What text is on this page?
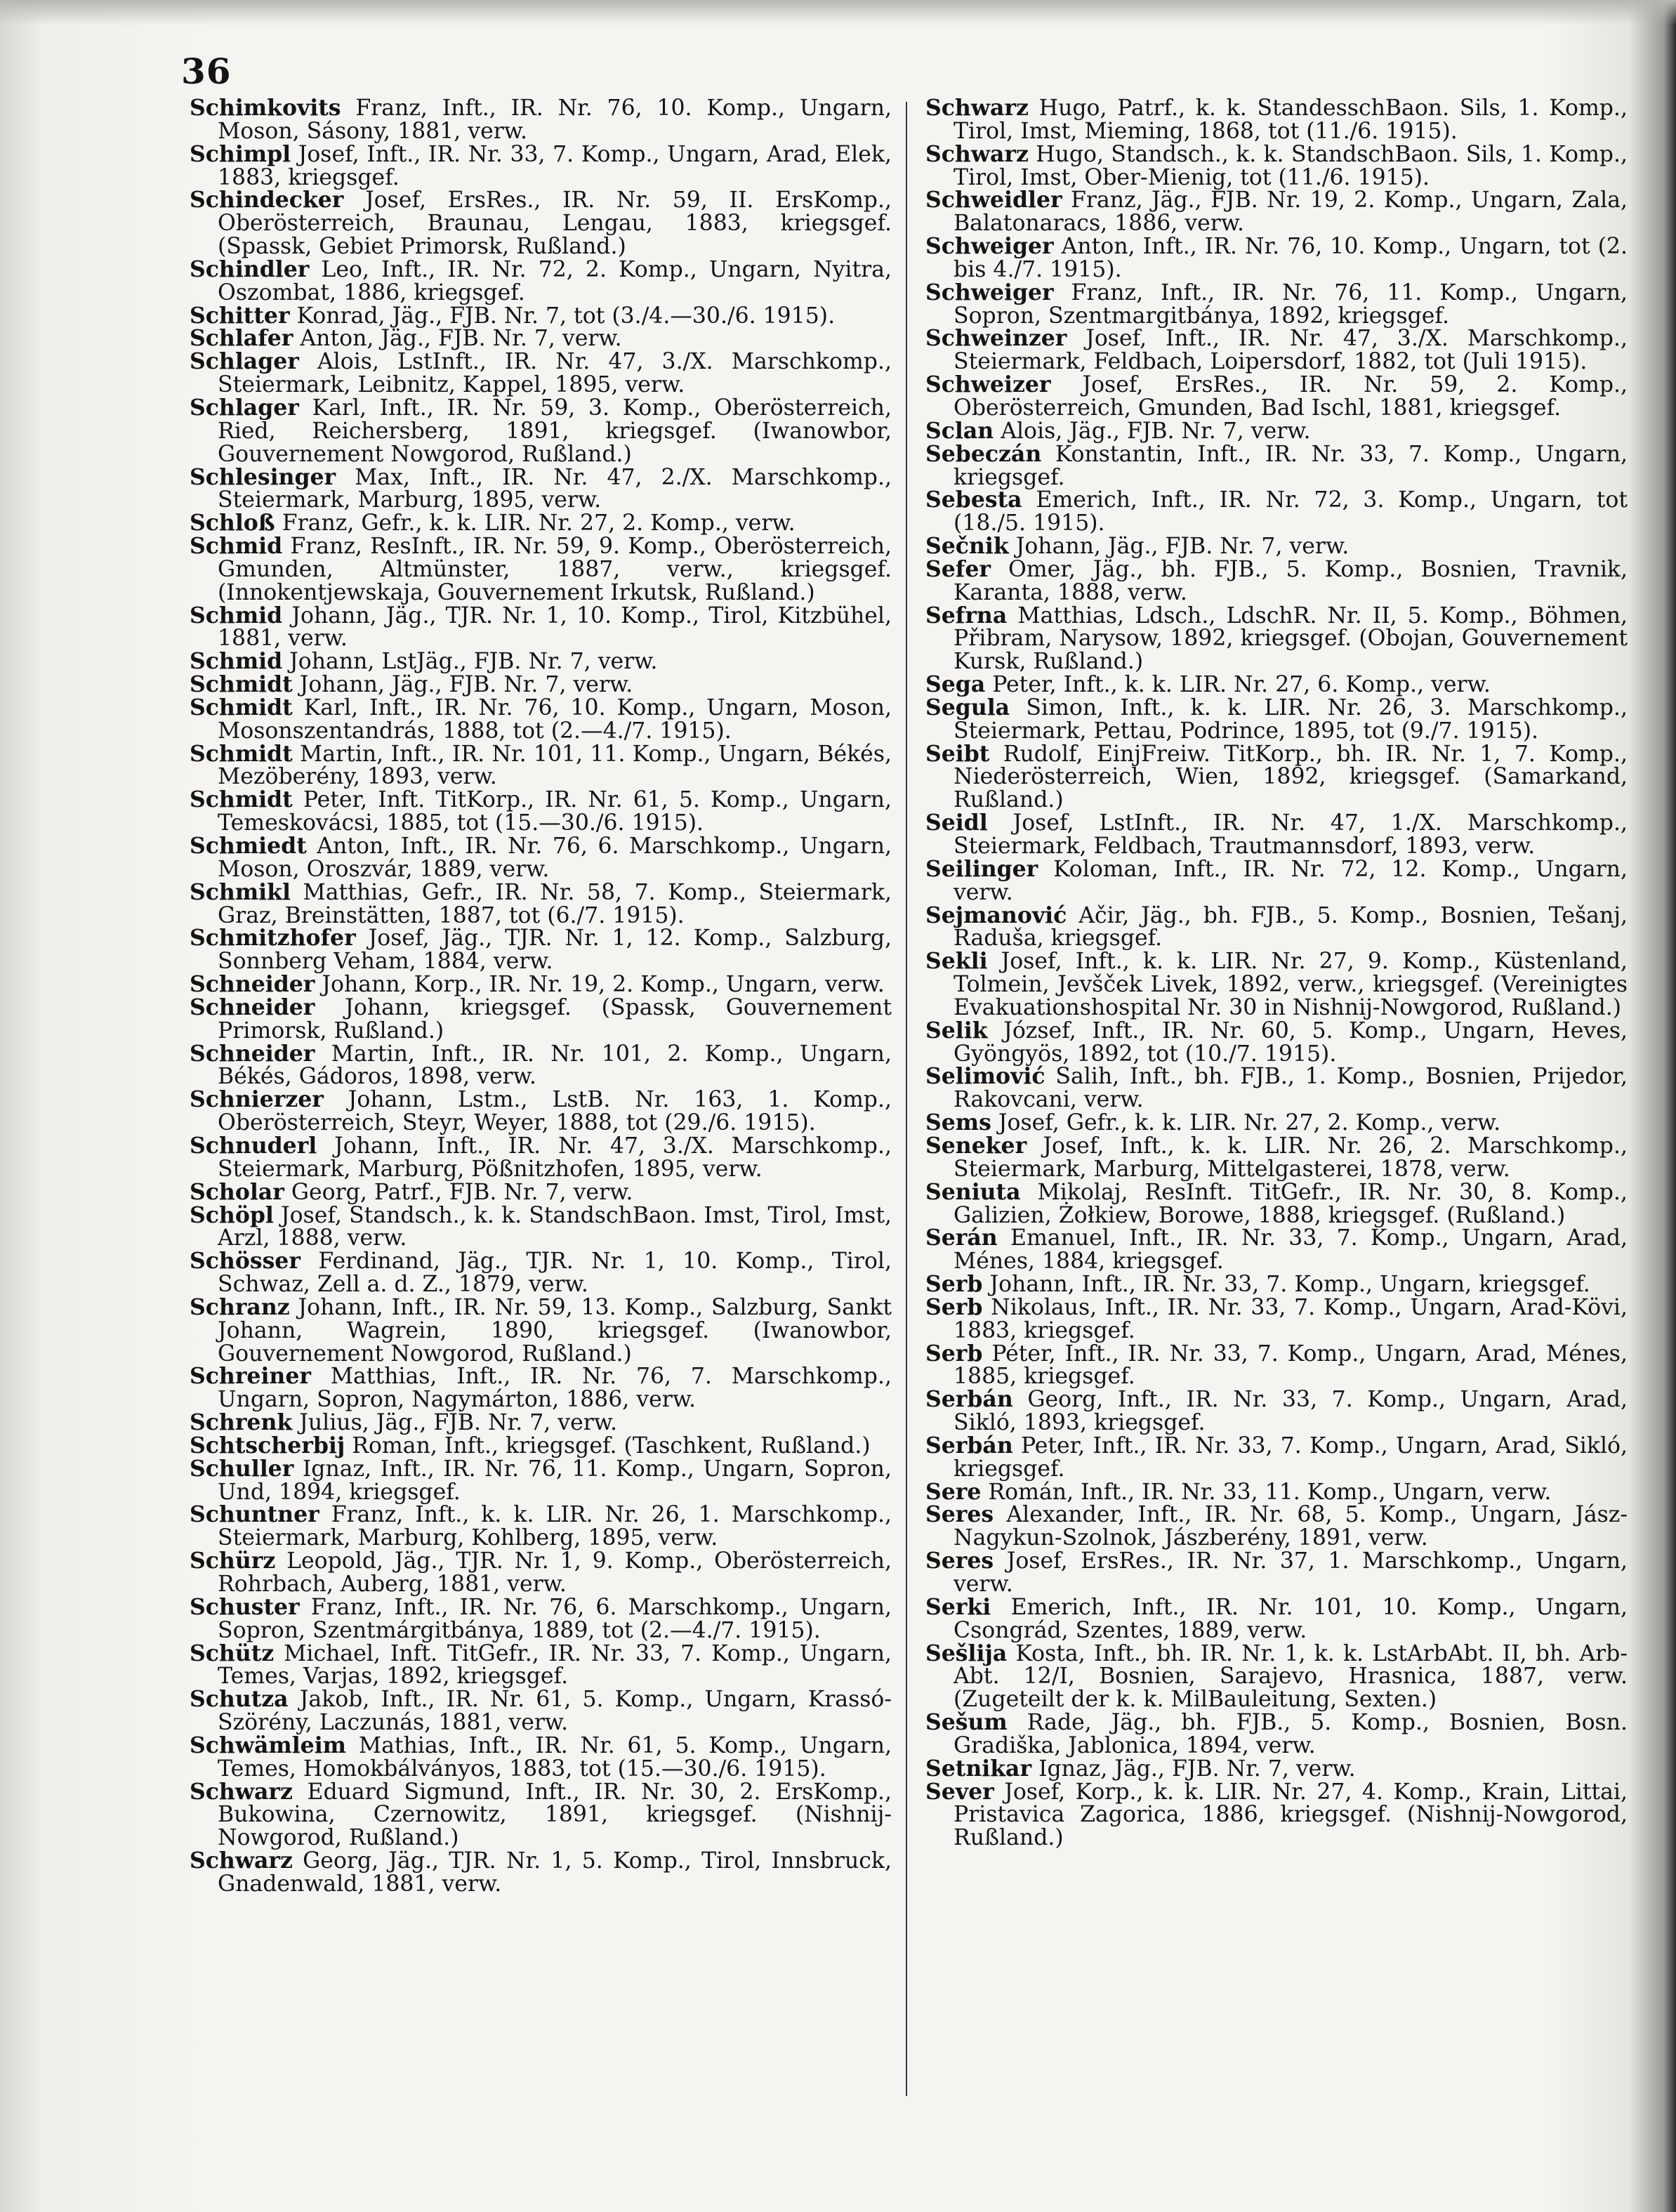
36

Schimkovits Franz, Inft., IR. Nr. 76, 10. Komp., Ungarn, Moson, Sásony, 1881, verw.

Schimpl Josef, Inft., IR. Nr. 33, 7. Komp., Ungarn, Arad, Elek, 1883, kriegsgef.

Schindecker Josef, ErsRes., IR. Nr. 59, II. ErsKomp., Oberösterreich, Braunau, Lengau, 1883, kriegsgef. (Spassk, Gebiet Primorsk, Rußland.)

Schindler Leo, Inft., IR. Nr. 72, 2. Komp., Ungarn, Nyitra, Oszombat, 1886, kriegsgef.

Schitter Konrad, Jäg., FJB. Nr. 7, tot (3./4.—30./6. 1915).

Schlafer Anton, Jäg., FJB. Nr. 7, verw.

Schlager Alois, LstInft., IR. Nr. 47, 3./X. Marschkomp., Steiermark, Leibnitz, Kappel, 1895, verw.

Schlager Karl, Inft., IR. Nr. 59, 3. Komp., Oberösterreich, Ried, Reichersberg, 1891, kriegsgef. (Iwanowbor, Gouvernement Nowgorod, Rußland.)

Schlesinger Max, Inft., IR. Nr. 47, 2./X. Marschkomp., Steiermark, Marburg, 1895, verw.

Schloß Franz, Gefr., k. k. LIR. Nr. 27, 2. Komp., verw.

Schmid Franz, ResInft., IR. Nr. 59, 9. Komp., Oberösterreich, Gmunden, Altmünster, 1887, verw., kriegsgef. (Innokentjewskaja, Gouvernement Irkutsk, Rußland.)

Schmid Johann, Jäg., TJR. Nr. 1, 10. Komp., Tirol, Kitzbühel, 1881, verw.

Schmid Johann, LstJäg., FJB. Nr. 7, verw.

Schmidt Johann, Jäg., FJB. Nr. 7, verw.

Schmidt Karl, Inft., IR. Nr. 76, 10. Komp., Ungarn, Moson, Mosonszentandrás, 1888, tot (2.—4./7. 1915).

Schmidt Martin, Inft., IR. Nr. 101, 11. Komp., Ungarn, Békés, Mezöberény, 1893, verw.

Schmidt Peter, Inft. TitKorp., IR. Nr. 61, 5. Komp., Ungarn, Temeskovácsi, 1885, tot (15.—30./6. 1915).

Schmiedt Anton, Inft., IR. Nr. 76, 6. Marschkomp., Ungarn, Moson, Oroszvár, 1889, verw.

Schmikl Matthias, Gefr., IR. Nr. 58, 7. Komp., Steiermark, Graz, Breinstätten, 1887, tot (6./7. 1915).

Schmitzhofer Josef, Jäg., TJR. Nr. 1, 12. Komp., Salzburg, Sonnberg Veham, 1884, verw.

Schneider Johann, Korp., IR. Nr. 19, 2. Komp., Ungarn, verw.

Schneider Johann, kriegsgef. (Spassk, Gouvernement Primorsk, Rußland.)

Schneider Martin, Inft., IR. Nr. 101, 2. Komp., Ungarn, Békés, Gádoros, 1898, verw.

Schnierzer Johann, Lstm., LstB. Nr. 163, 1. Komp., Oberösterreich, Steyr, Weyer, 1888, tot (29./6. 1915).

Schnuderl Johann, Inft., IR. Nr. 47, 3./X. Marschkomp., Steiermark, Marburg, Pößnitzhofen, 1895, verw.

Scholar Georg, Patrf., FJB. Nr. 7, verw.

Schöpl Josef, Standsch., k. k. StandschBaon. Imst, Tirol, Imst, Arzl, 1888, verw.

Schösser Ferdinand, Jäg., TJR. Nr. 1, 10. Komp., Tirol, Schwaz, Zell a. d. Z., 1879, verw.

Schranz Johann, Inft., IR. Nr. 59, 13. Komp., Salzburg, Sankt Johann, Wagrein, 1890, kriegsgef. (Iwanowbor, Gouvernement Nowgorod, Rußland.)

Schreiner Matthias, Inft., IR. Nr. 76, 7. Marschkomp., Ungarn, Sopron, Nagymárton, 1886, verw.

Schrenk Julius, Jäg., FJB. Nr. 7, verw.

Schtscherbij Roman, Inft., kriegsgef. (Taschkent, Rußland.)

Schuller Ignaz, Inft., IR. Nr. 76, 11. Komp., Ungarn, Sopron, Und, 1894, kriegsgef.

Schuntner Franz, Inft., k. k. LIR. Nr. 26, 1. Marschkomp., Steiermark, Marburg, Kohlberg, 1895, verw.

Schürz Leopold, Jäg., TJR. Nr. 1, 9. Komp., Oberösterreich, Rohrbach, Auberg, 1881, verw.

Schuster Franz, Inft., IR. Nr. 76, 6. Marschkomp., Ungarn, Sopron, Szentmárgitbánya, 1889, tot (2.—4./7. 1915).

Schütz Michael, Inft. TitGefr., IR. Nr. 33, 7. Komp., Ungarn, Temes, Varjas, 1892, kriegsgef.

Schutza Jakob, Inft., IR. Nr. 61, 5. Komp., Ungarn, Krassó-Szörény, Laczunás, 1881, verw.

Schwämleim Mathias, Inft., IR. Nr. 61, 5. Komp., Ungarn, Temes, Homokbálványos, 1883, tot (15.—30./6. 1915).

Schwarz Eduard Sigmund, Inft., IR. Nr. 30, 2. ErsKomp., Bukowina, Czernowitz, 1891, kriegsgef. (Nishnij-Nowgorod, Rußland.)

Schwarz Georg, Jäg., TJR. Nr. 1, 5. Komp., Tirol, Innsbruck, Gnadenwald, 1881, verw.

Schwarz Hugo, Patrf., k. k. StandesschBaon. Sils, 1. Komp., Tirol, Imst, Mieming, 1868, tot (11./6. 1915).

Schwarz Hugo, Standsch., k. k. StandschBaon. Sils, 1. Komp., Tirol, Imst, Ober-Mienig, tot (11./6. 1915).

Schweidler Franz, Jäg., FJB. Nr. 19, 2. Komp., Ungarn, Zala, Balatonaracs, 1886, verw.

Schweiger Anton, Inft., IR. Nr. 76, 10. Komp., Ungarn, tot (2. bis 4./7. 1915).

Schweiger Franz, Inft., IR. Nr. 76, 11. Komp., Ungarn, Sopron, Szentmargitbánya, 1892, kriegsgef.

Schweinzer Josef, Inft., IR. Nr. 47, 3./X. Marschkomp., Steiermark, Feldbach, Loipersdorf, 1882, tot (Juli 1915).

Schweizer Josef, ErsRes., IR. Nr. 59, 2. Komp., Oberösterreich, Gmunden, Bad Ischl, 1881, kriegsgef.

Sclan Alois, Jäg., FJB. Nr. 7, verw.

Sebeczán Konstantin, Inft., IR. Nr. 33, 7. Komp., Ungarn, kriegsgef.

Sebesta Emerich, Inft., IR. Nr. 72, 3. Komp., Ungarn, tot (18./5. 1915).

Sečnik Johann, Jäg., FJB. Nr. 7, verw.

Sefer Omer, Jäg., bh. FJB., 5. Komp., Bosnien, Travnik, Karanta, 1888, verw.

Sefrna Matthias, Ldsch., LdschR. Nr. II, 5. Komp., Böhmen, Přibram, Narysow, 1892, kriegsgef. (Obojan, Gouvernement Kursk, Rußland.)

Sega Peter, Inft., k. k. LIR. Nr. 27, 6. Komp., verw.

Segula Simon, Inft., k. k. LIR. Nr. 26, 3. Marschkomp., Steiermark, Pettau, Podrince, 1895, tot (9./7. 1915).

Seibt Rudolf, EinjFreiw. TitKorp., bh. IR. Nr. 1, 7. Komp., Niederösterreich, Wien, 1892, kriegsgef. (Samarkand, Rußland.)

Seidl Josef, LstInft., IR. Nr. 47, 1./X. Marschkomp., Steiermark, Feldbach, Trautmannsdorf, 1893, verw.

Seilinger Koloman, Inft., IR. Nr. 72, 12. Komp., Ungarn, verw.

Sejmanović Ačir, Jäg., bh. FJB., 5. Komp., Bosnien, Tešanj, Raduša, kriegsgef.

Sekli Josef, Inft., k. k. LIR. Nr. 27, 9. Komp., Küstenland, Tolmein, Jevšček Livek, 1892, verw., kriegsgef. (Vereinigtes Evakuationshospital Nr. 30 in Nishnij-Nowgorod, Rußland.)

Selik József, Inft., IR. Nr. 60, 5. Komp., Ungarn, Heves, Gyöngyös, 1892, tot (10./7. 1915).

Selimović Salih, Inft., bh. FJB., 1. Komp., Bosnien, Prijedor, Rakovcani, verw.

Sems Josef, Gefr., k. k. LIR. Nr. 27, 2. Komp., verw.

Seneker Josef, Inft., k. k. LIR. Nr. 26, 2. Marschkomp., Steiermark, Marburg, Mittelgasterei, 1878, verw.

Seniuta Mikolaj, ResInft. TitGefr., IR. Nr. 30, 8. Komp., Galizien, Żołkiew, Borowe, 1888, kriegsgef. (Rußland.)

Serán Emanuel, Inft., IR. Nr. 33, 7. Komp., Ungarn, Arad, Ménes, 1884, kriegsgef.

Serb Johann, Inft., IR. Nr. 33, 7. Komp., Ungarn, kriegsgef.

Serb Nikolaus, Inft., IR. Nr. 33, 7. Komp., Ungarn, Arad-Kövi, 1883, kriegsgef.

Serb Péter, Inft., IR. Nr. 33, 7. Komp., Ungarn, Arad, Ménes, 1885, kriegsgef.

Serbán Georg, Inft., IR. Nr. 33, 7. Komp., Ungarn, Arad, Sikló, 1893, kriegsgef.

Serbán Peter, Inft., IR. Nr. 33, 7. Komp., Ungarn, Arad, Sikló, kriegsgef.

Sere Román, Inft., IR. Nr. 33, 11. Komp., Ungarn, verw.

Seres Alexander, Inft., IR. Nr. 68, 5. Komp., Ungarn, Jász-Nagykun-Szolnok, Jászberény, 1891, verw.

Seres Josef, ErsRes., IR. Nr. 37, 1. Marschkomp., Ungarn, verw.

Serki Emerich, Inft., IR. Nr. 101, 10. Komp., Ungarn, Csongrád, Szentes, 1889, verw.

Sešlija Kosta, Inft., bh. IR. Nr. 1, k. k. LstArbAbt. II, bh. Arb-Abt. 12/I, Bosnien, Sarajevo, Hrasnica, 1887, verw. (Zugeteilt der k. k. MilBauleitung, Sexten.)

Sešum Rade, Jäg., bh. FJB., 5. Komp., Bosnien, Bosn. Gradiška, Jablonica, 1894, verw.

Setnikar Ignaz, Jäg., FJB. Nr. 7, verw.

Sever Josef, Korp., k. k. LIR. Nr. 27, 4. Komp., Krain, Littai, Pristavica Zagorica, 1886, kriegsgef. (Nishnij-Nowgorod, Rußland.)
